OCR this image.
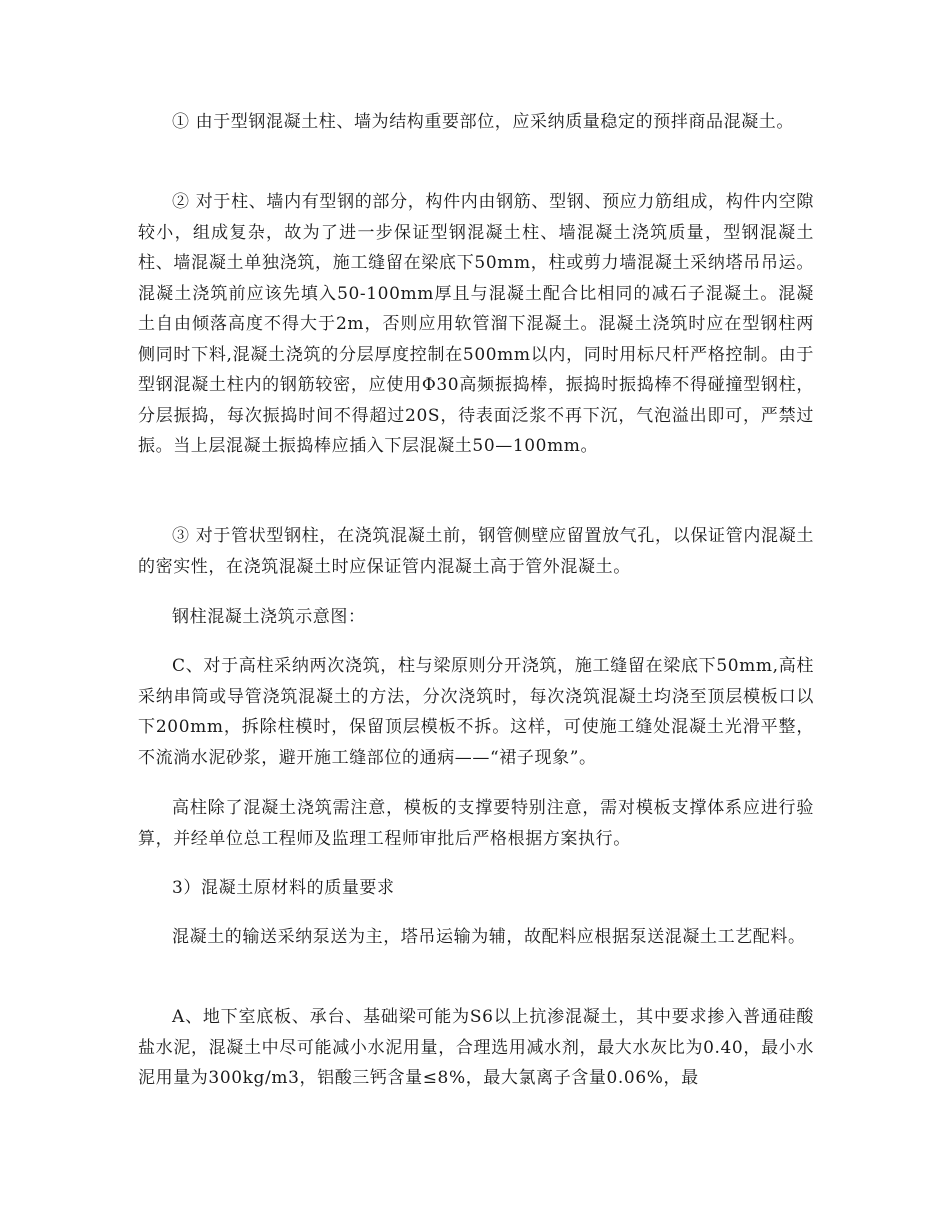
① 由于型钢混凝土柱、墙为结构重要部位，应采纳质量稳定的预拌商品混凝土。

② 对于柱、墙内有型钢的部分，构件内由钢筋、型钢、预应力筋组成，构件内空隙较小，组成复杂，故为了进一步保证型钢混凝土柱、墙混凝土浇筑质量，型钢混凝土柱、墙混凝土单独浇筑，施工缝留在梁底下50mm，柱或剪力墙混凝土采纳塔吊吊运。混凝土浇筑前应该先填入50-100mm厚且与混凝土配合比相同的减石子混凝土。混凝土自由倾落高度不得大于2m，否则应用软管溜下混凝土。混凝土浇筑时应在型钢柱两侧同时下料,混凝土浇筑的分层厚度控制在500mm以内，同时用标尺杆严格控制。由于型钢混凝土柱内的钢筋较密，应使用Φ30高频振捣棒，振捣时振捣棒不得碰撞型钢柱，分层振捣，每次振捣时间不得超过20S，待表面泛浆不再下沉，气泡溢出即可，严禁过振。当上层混凝土振捣棒应插入下层混凝土50—100mm。

③ 对于管状型钢柱，在浇筑混凝土前，钢管侧壁应留置放气孔，以保证管内混凝土的密实性，在浇筑混凝土时应保证管内混凝土高于管外混凝土。

钢柱混凝土浇筑示意图：

C、对于高柱采纳两次浇筑，柱与梁原则分开浇筑，施工缝留在梁底下50mm,高柱采纳串筒或导管浇筑混凝土的方法，分次浇筑时，每次浇筑混凝土均浇至顶层模板口以下200mm，拆除柱模时，保留顶层模板不拆。这样，可使施工缝处混凝土光滑平整，不流淌水泥砂浆，避开施工缝部位的通病——“裙子现象”。

高柱除了混凝土浇筑需注意，模板的支撑要特别注意，需对模板支撑体系应进行验算，并经单位总工程师及监理工程师审批后严格根据方案执行。

3）混凝土原材料的质量要求

混凝土的输送采纳泵送为主，塔吊运输为辅，故配料应根据泵送混凝土工艺配料。

A、地下室底板、承台、基础梁可能为S6以上抗渗混凝土，其中要求掺入普通硅酸盐水泥，混凝土中尽可能减小水泥用量，合理选用减水剂，最大水灰比为0.40，最小水泥用量为300kg/m3，铝酸三钙含量≤8%，最大氯离子含量0.06%，最
